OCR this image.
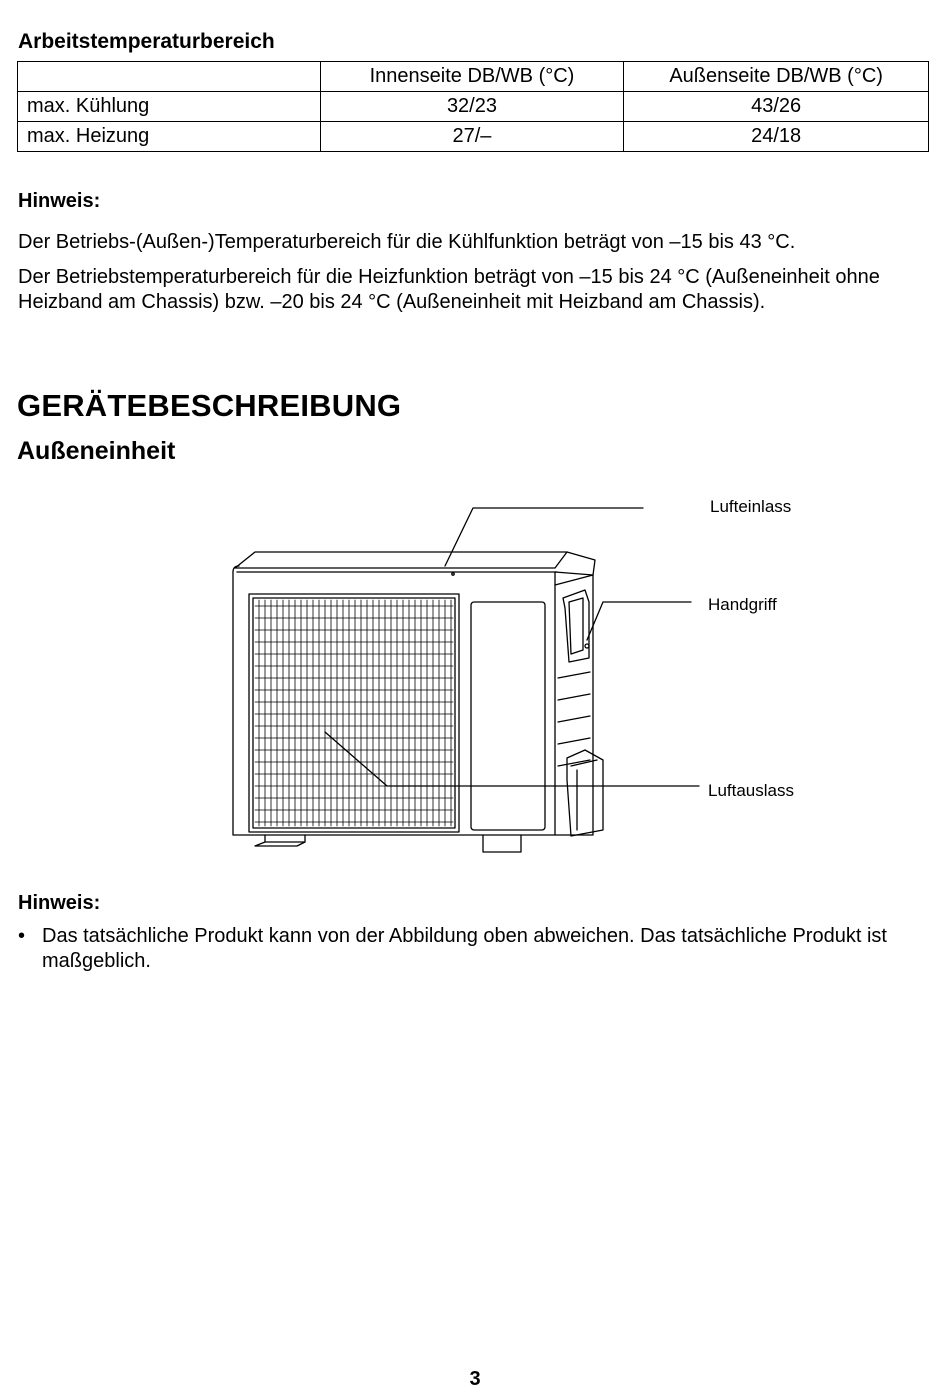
Arbeitstemperaturbereich
	Innenseite DB/WB (°C)	Außenseite DB/WB (°C)
max. Kühlung	32/23	43/26
max. Heizung	27/–	24/18

Hinweis:

Der Betriebs-(Außen-)Temperaturbereich für die Kühlfunktion beträgt von –15 bis 43 °C.

Der Betriebstemperaturbereich für die Heizfunktion beträgt von –15 bis 24 °C (Außeneinheit ohne Heizband am Chassis) bzw. –20 bis 24 °C (Außeneinheit mit Heizband am Chassis).

GERÄTEBESCHREIBUNG
Außeneinheit
Lufteinlass
Handgriff
Luftauslass

Hinweis:

• Das tatsächliche Produkt kann von der Abbildung oben abweichen. Das tatsächliche Produkt ist maßgeblich.
3
